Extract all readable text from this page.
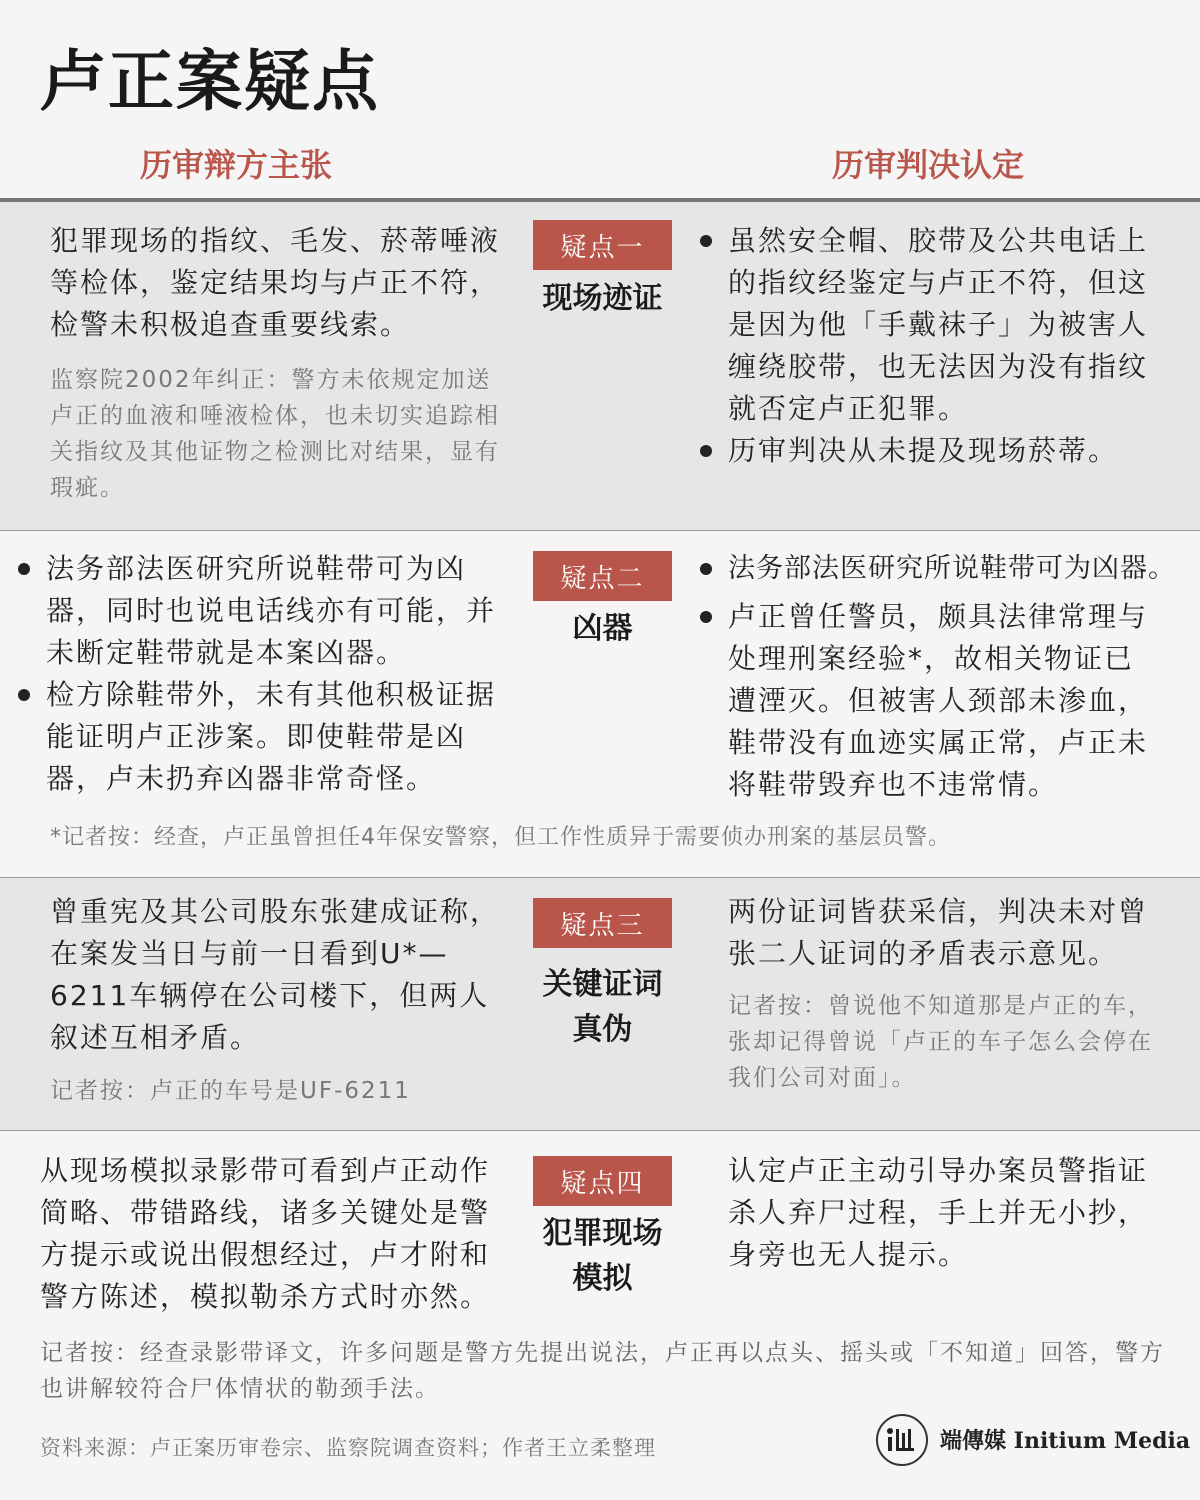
卢正案疑点
历审辩方主张	历审判决认定
疑点一
现场迹证
犯罪现场的指纹、毛发、菸蒂唾液等检体，鉴定结果均与卢正不符，检警未积极追查重要线索。
监察院2002年纠正：警方未依规定加送卢正的血液和唾液检体，也未切实追踪相关指纹及其他证物之检测比对结果，显有瑕疵。
虽然安全帽、胶带及公共电话上的指纹经鉴定与卢正不符，但这是因为他「手戴袜子」为被害人缠绕胶带，也无法因为没有指纹就否定卢正犯罪。
历审判决从未提及现场菸蒂。
疑点二
凶器
法务部法医研究所说鞋带可为凶器，同时也说电话线亦有可能，并未断定鞋带就是本案凶器。
检方除鞋带外，未有其他积极证据能证明卢正涉案。即使鞋带是凶器，卢未扔弃凶器非常奇怪。
法务部法医研究所说鞋带可为凶器。
卢正曾任警员，颇具法律常理与处理刑案经验*，故相关物证已遭湮灭。但被害人颈部未渗血，鞋带没有血迹实属正常，卢正未将鞋带毁弃也不违常情。
*记者按：经查，卢正虽曾担任4年保安警察，但工作性质异于需要侦办刑案的基层员警。
疑点三
关键证词
真伪
曾重宪及其公司股东张建成证称，在案发当日与前一日看到U*—6211车辆停在公司楼下，但两人叙述互相矛盾。
记者按：卢正的车号是UF-6211
两份证词皆获采信，判决未对曾张二人证词的矛盾表示意见。
记者按：曾说他不知道那是卢正的车，张却记得曾说「卢正的车子怎么会停在我们公司对面」。
疑点四
犯罪现场
模拟
从现场模拟录影带可看到卢正动作简略、带错路线，诸多关键处是警方提示或说出假想经过，卢才附和警方陈述，模拟勒杀方式时亦然。
认定卢正主动引导办案员警指证杀人弃尸过程，手上并无小抄，身旁也无人提示。
记者按：经查录影带译文，许多问题是警方先提出说法，卢正再以点头、摇头或「不知道」回答，警方也讲解较符合尸体情状的勒颈手法。
资料来源：卢正案历审卷宗、监察院调查资料；作者王立柔整理	端傳媒 Initium Media
